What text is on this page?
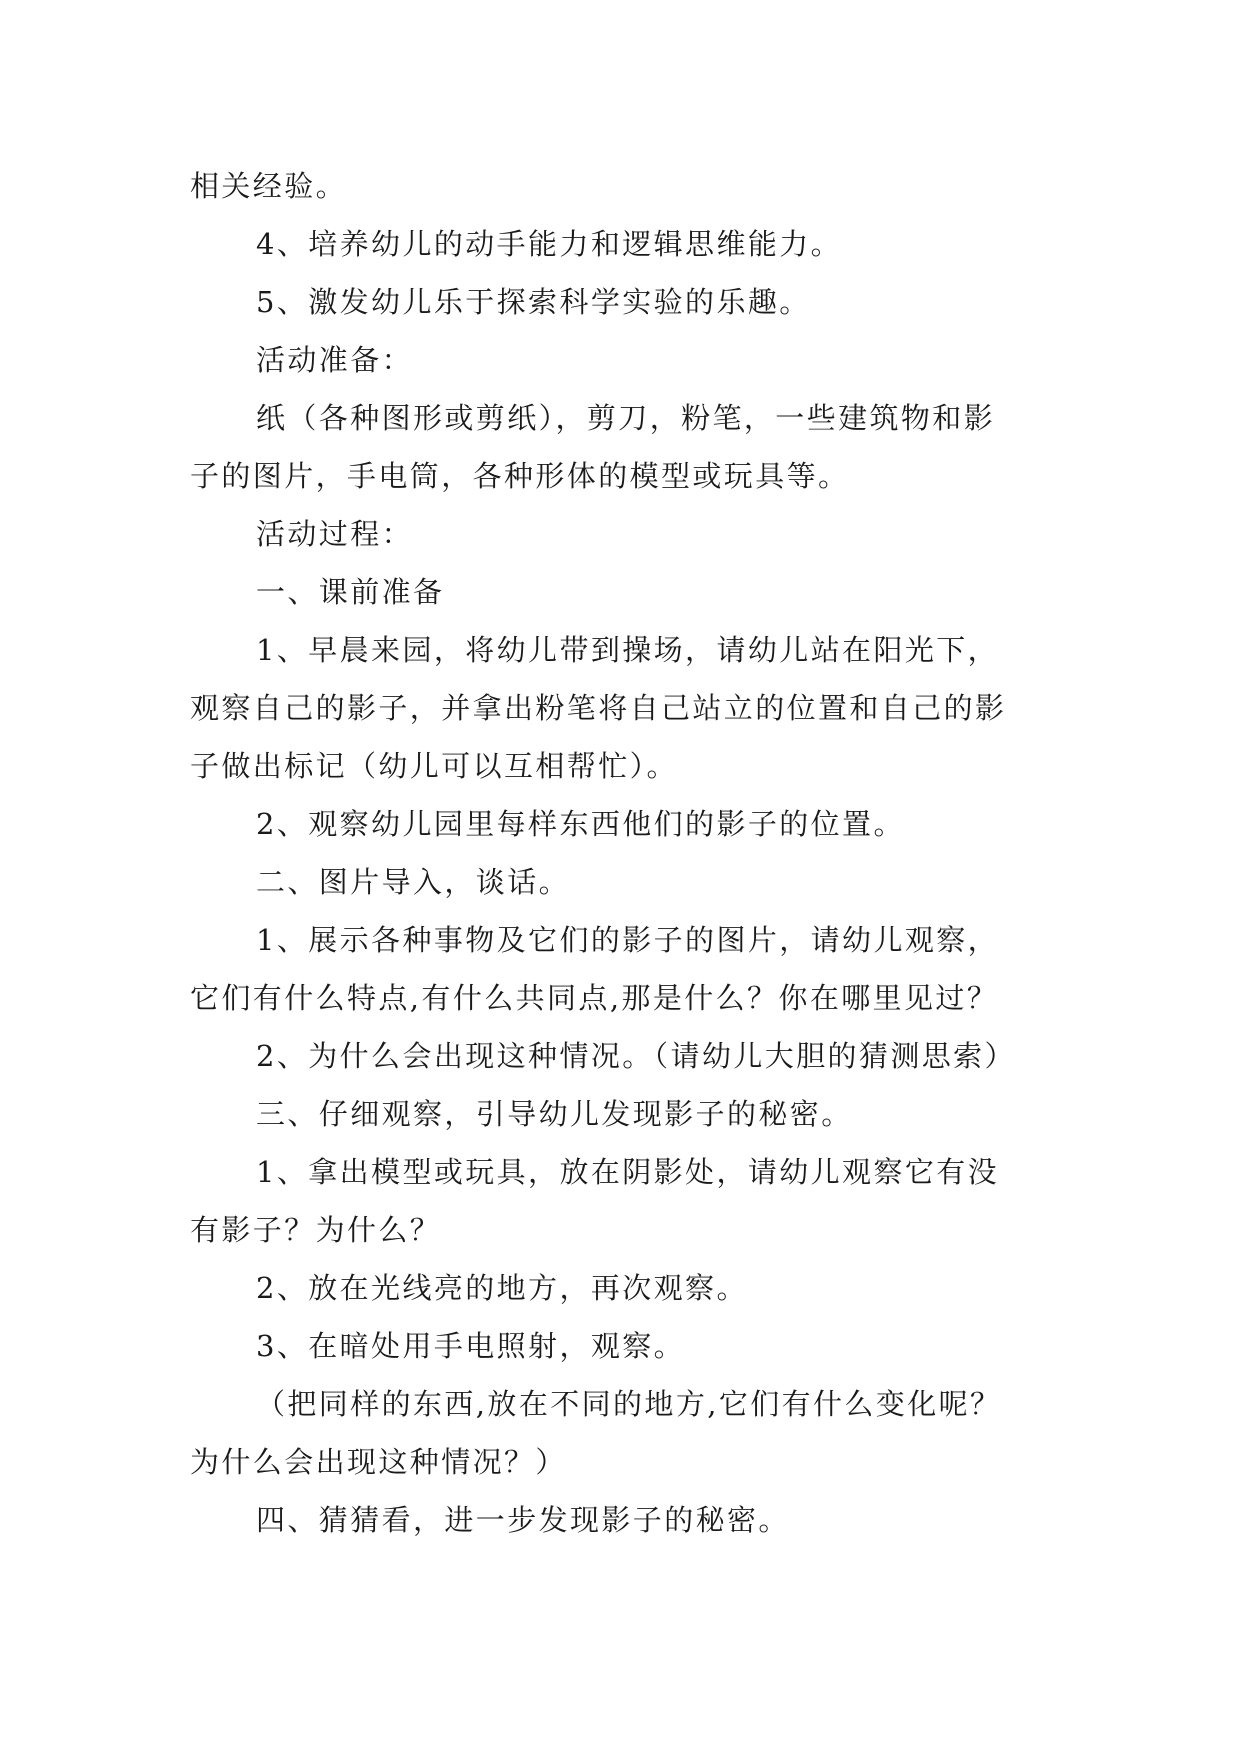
相关经验。
4、培养幼儿的动手能力和逻辑思维能力。
5、激发幼儿乐于探索科学实验的乐趣。
活动准备：
纸（各种图形或剪纸），剪刀，粉笔，一些建筑物和影
子的图片，手电筒，各种形体的模型或玩具等。
活动过程：
一、课前准备
1、早晨来园，将幼儿带到操场，请幼儿站在阳光下，
观察自己的影子，并拿出粉笔将自己站立的位置和自己的影
子做出标记（幼儿可以互相帮忙）。
2、观察幼儿园里每样东西他们的影子的位置。
二、图片导入，谈话。
1、展示各种事物及它们的影子的图片，请幼儿观察，
它们有什么特点,有什么共同点,那是什么？你在哪里见过？
2、为什么会出现这种情况。（请幼儿大胆的猜测思索）
三、仔细观察，引导幼儿发现影子的秘密。
1、拿出模型或玩具，放在阴影处，请幼儿观察它有没
有影子？为什么？
2、放在光线亮的地方，再次观察。
3、在暗处用手电照射，观察。
（把同样的东西,放在不同的地方,它们有什么变化呢？
为什么会出现这种情况？）
四、猜猜看，进一步发现影子的秘密。
